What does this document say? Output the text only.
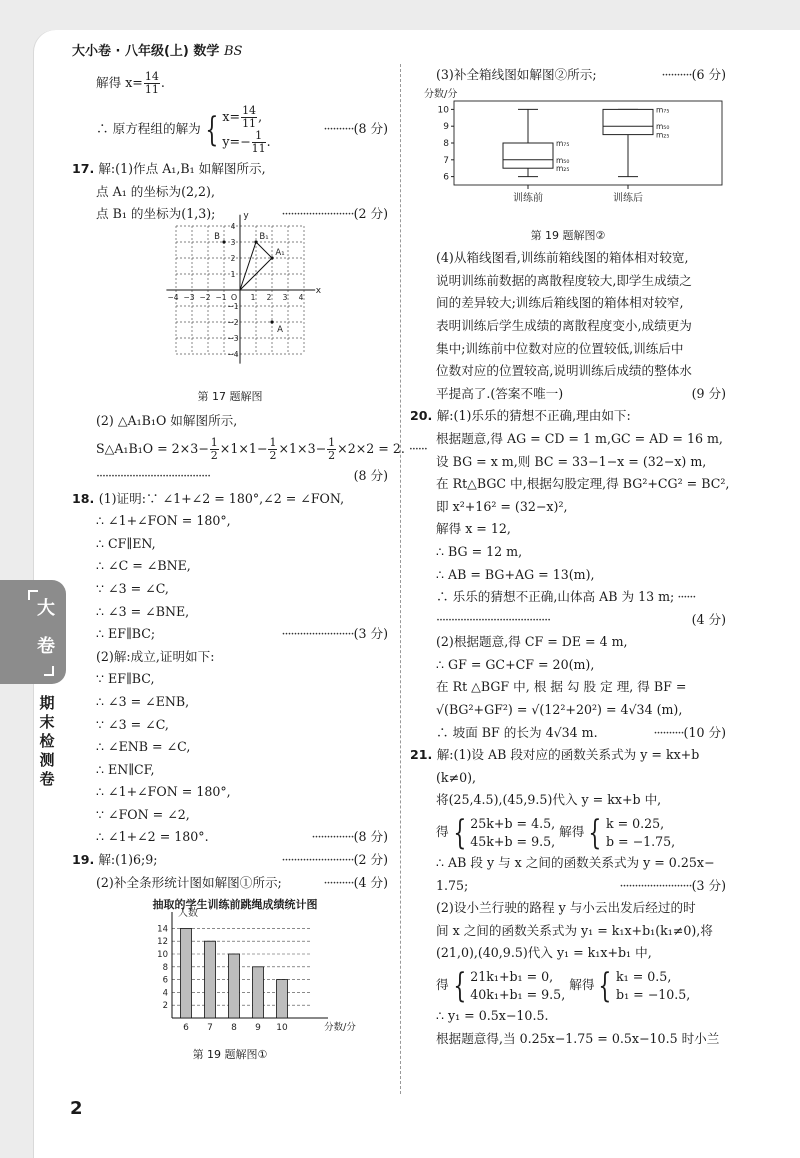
大小卷 · 八年级(上) 数学 BS
解得 $x= \frac{14}{11}$ .
∴ 原方程组的解为 { $x= \frac{14}{11}$ ,
$y=- \frac{1}{11}$ .
··········(8 分)
17. 解:(1)作点 A₁,B₁ 如解图所示,
点 A₁ 的坐标为(2,2),
点 B₁ 的坐标为(1,3);	························(2 分)
x
y
O
−4 −3 −2 −1	1 2 3 4
4
3
2
1
−1
−2
−3
−4
B	B₁
A₁
A
第 17 题解图
(2) △A₁B₁O 如解图所示,
S△A₁B₁O = $2\times 3- \frac{1}{2} \times 1\times 1- \frac{1}{2} \times 1\times 3- \frac{1}{2} \times 2\times 2 = 2$. ······
······································	(8 分)
18. (1)证明:∵ ∠1+∠2 = 180°,∠2 = ∠FON,
∴ ∠1+∠FON = 180°,
∴ CF∥EN,
∴ ∠C = ∠BNE,
∵ ∠3 = ∠C,
∴ ∠3 = ∠BNE,
∴ EF∥BC;	························(3 分)
(2)解:成立,证明如下:
∵ EF∥BC,
∴ ∠3 = ∠ENB,
∵ ∠3 = ∠C,
∴ ∠ENB = ∠C,
∴ EN∥CF,
∴ ∠1+∠FON = 180°,
∵ ∠FON = ∠2,
∴ ∠1+∠2 = 180°.	··············(8 分)
19. 解:(1)6;9;	························(2 分)
(2)补全条形统计图如解图①所示;	··········(4 分)
抽取的学生训练前跳绳成绩统计图
2
4
6
8
10
12
14
人数
6 7 8 9 10	分数/分
第 19 题解图①
(3)补全箱线图如解图②所示;	··········(6 分)
分数/分
6
7
8
9
10
m₇₅
m₅₀
m₂₅
训练前
m₇₅
m₅₀
m₂₅
训练后
第 19 题解图②
(4)从箱线图看,训练前箱线图的箱体相对较宽,
说明训练前数据的离散程度较大,即学生成绩之
间的差异较大;训练后箱线图的箱体相对较窄,
表明训练后学生成绩的离散程度变小,成绩更为
集中;训练前中位数对应的位置较低,训练后中
位数对应的位置较高,说明训练后成绩的整体水
平提高了.(答案不唯一)	(9 分)
20. 解:(1)乐乐的猜想不正确,理由如下:
根据题意,得 AG = CD = 1 m,GC = AD = 16 m,
设 BG = x m,则 BC = 33−1−x = (32−x) m,
在 Rt△BGC 中,根据勾股定理,得 BG²+CG² = BC²,
即 x²+16² = (32−x)²,
解得 x = 12,
∴ BG = 12 m,
∴ AB = BG+AG = 13(m),
∴ 乐乐的猜想不正确,山体高 AB 为 13 m; ······
······································	(4 分)
(2)根据题意,得 CF = DE = 4 m,
∴ GF = GC+CF = 20(m),
在 Rt △BGF 中, 根 据 勾 股 定 理, 得 BF =
√(BG²+GF²) = √(12²+20²) = 4√34 (m),
∴ 坡面 BF 的长为 4√34 m.	··········(10 分)
21. 解:(1)设 AB 段对应的函数关系式为 y = kx+b
(k≠0),
将(25,4.5),(45,9.5)代入 y = kx+b 中,
得 { 25k+b = 4.5,
45k+b = 9.5,
解得 { k = 0.25,
b = −1.75,
∴ AB 段 y 与 x 之间的函数关系式为 y = 0.25x−
1.75;	························(3 分)
(2)设小兰行驶的路程 y 与小云出发后经过的时
间 x 之间的函数关系式为 y₁ = k₁x+b₁(k₁≠0),将
(21,0),(40,9.5)代入 y₁ = k₁x+b₁ 中,
得 { 21k₁+b₁ = 0,
40k₁+b₁ = 9.5,
解得 { k₁ = 0.5,
b₁ = −10.5,
∴ y₁ = 0.5x−10.5.
根据题意得,当 0.25x−1.75 = 0.5x−10.5 时小兰
大卷
期末检测卷
2
